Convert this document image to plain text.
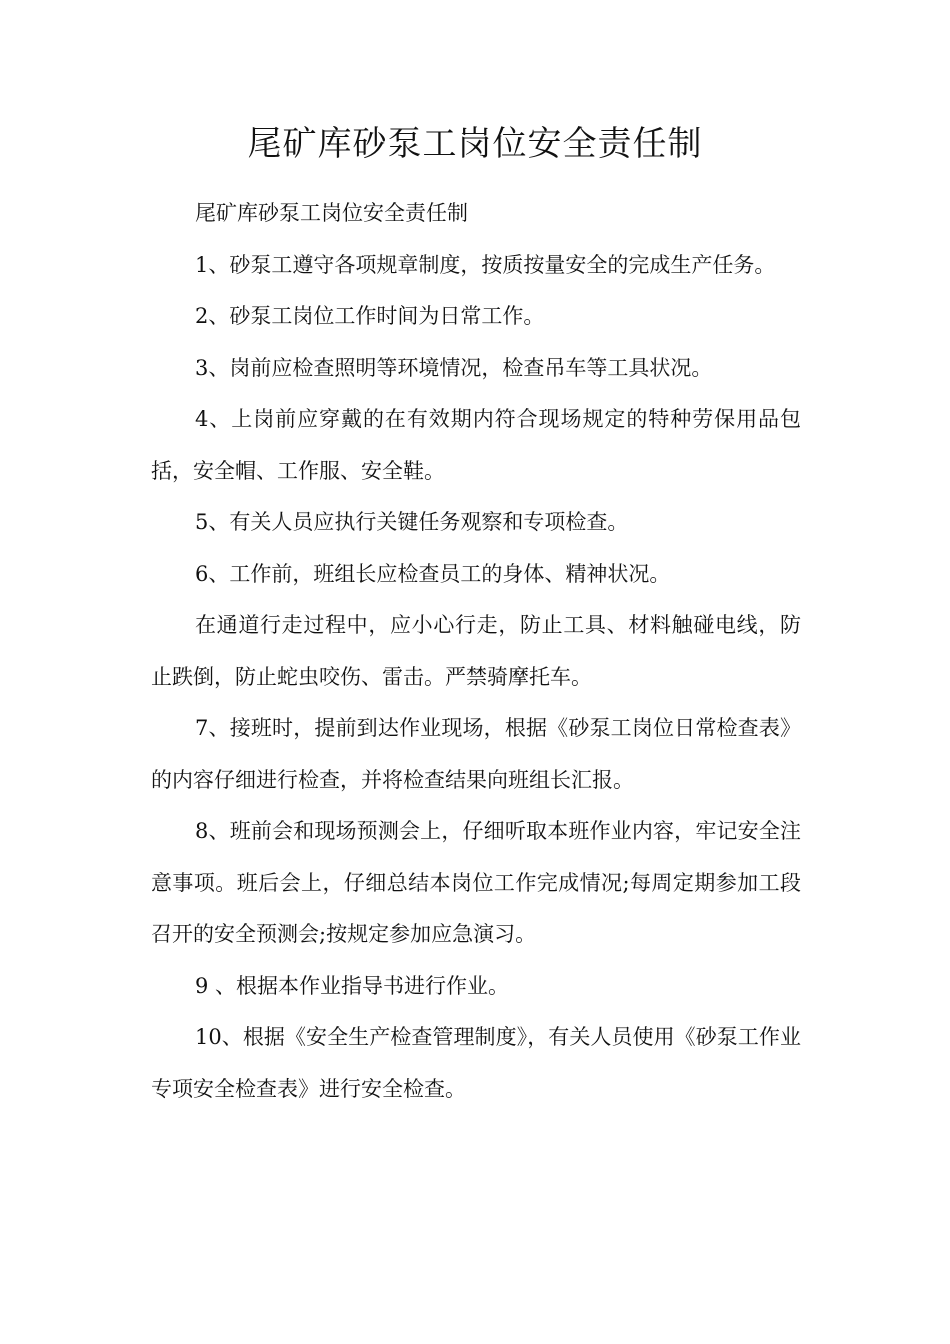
尾矿库砂泵工岗位安全责任制

尾矿库砂泵工岗位安全责任制

1、砂泵工遵守各项规章制度，按质按量安全的完成生产任务。

2、砂泵工岗位工作时间为日常工作。

3、岗前应检查照明等环境情况，检查吊车等工具状况。

4、上岗前应穿戴的在有效期内符合现场规定的特种劳保用品包括，安全帽、工作服、安全鞋。

5、有关人员应执行关键任务观察和专项检查。

6、工作前，班组长应检查员工的身体、精神状况。

在通道行走过程中，应小心行走，防止工具、材料触碰电线，防止跌倒，防止蛇虫咬伤、雷击。严禁骑摩托车。

7、接班时，提前到达作业现场，根据《砂泵工岗位日常检查表》的内容仔细进行检查，并将检查结果向班组长汇报。

8、班前会和现场预测会上，仔细听取本班作业内容，牢记安全注意事项。班后会上，仔细总结本岗位工作完成情况;每周定期参加工段召开的安全预测会;按规定参加应急演习。

9 、根据本作业指导书进行作业。

10、根据《安全生产检查管理制度》，有关人员使用《砂泵工作业专项安全检查表》进行安全检查。
